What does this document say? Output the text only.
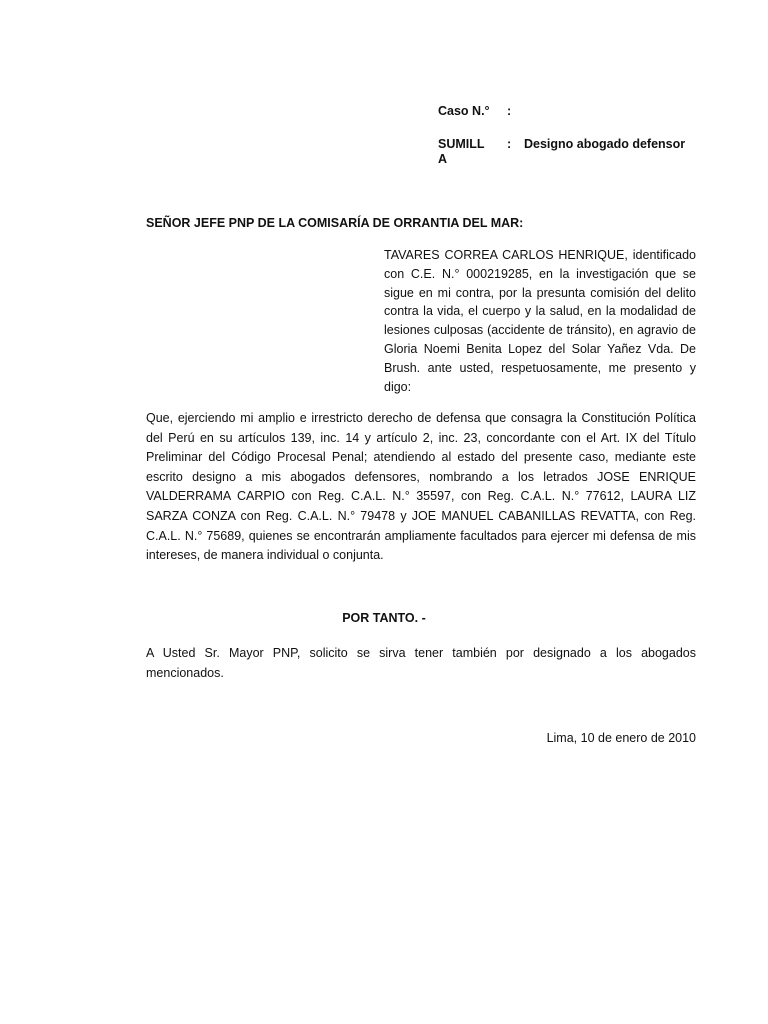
Caso N.° :
SUMILL
A
: Designo abogado defensor
SEÑOR JEFE PNP DE LA COMISARÍA DE ORRANTIA DEL MAR:
TAVARES CORREA CARLOS HENRIQUE, identificado con C.E. N.° 000219285, en la investigación que se sigue en mi contra, por la presunta comisión del delito contra la vida, el cuerpo y la salud, en la modalidad de lesiones culposas (accidente de tránsito), en agravio de Gloria Noemi Benita Lopez del Solar Yañez Vda. De Brush. ante usted, respetuosamente, me presento y digo:
Que, ejerciendo mi amplio e irrestricto derecho de defensa que consagra la Constitución Política del Perú en su artículos 139, inc. 14 y artículo 2, inc. 23, concordante con el Art. IX del Título Preliminar del Código Procesal Penal; atendiendo al estado del presente caso, mediante este escrito designo a mis abogados defensores, nombrando a los letrados JOSE ENRIQUE VALDERRAMA CARPIO con Reg. C.A.L. N.° 35597, con Reg. C.A.L. N.° 77612, LAURA LIZ SARZA CONZA con Reg. C.A.L. N.° 79478 y JOE MANUEL CABANILLAS REVATTA, con Reg. C.A.L. N.° 75689, quienes se encontrarán ampliamente facultados para ejercer mi defensa de mis intereses, de manera individual o conjunta.
POR TANTO. -
A Usted Sr. Mayor PNP, solicito se sirva tener también por designado a los abogados mencionados.
Lima, 10 de enero de 2010
